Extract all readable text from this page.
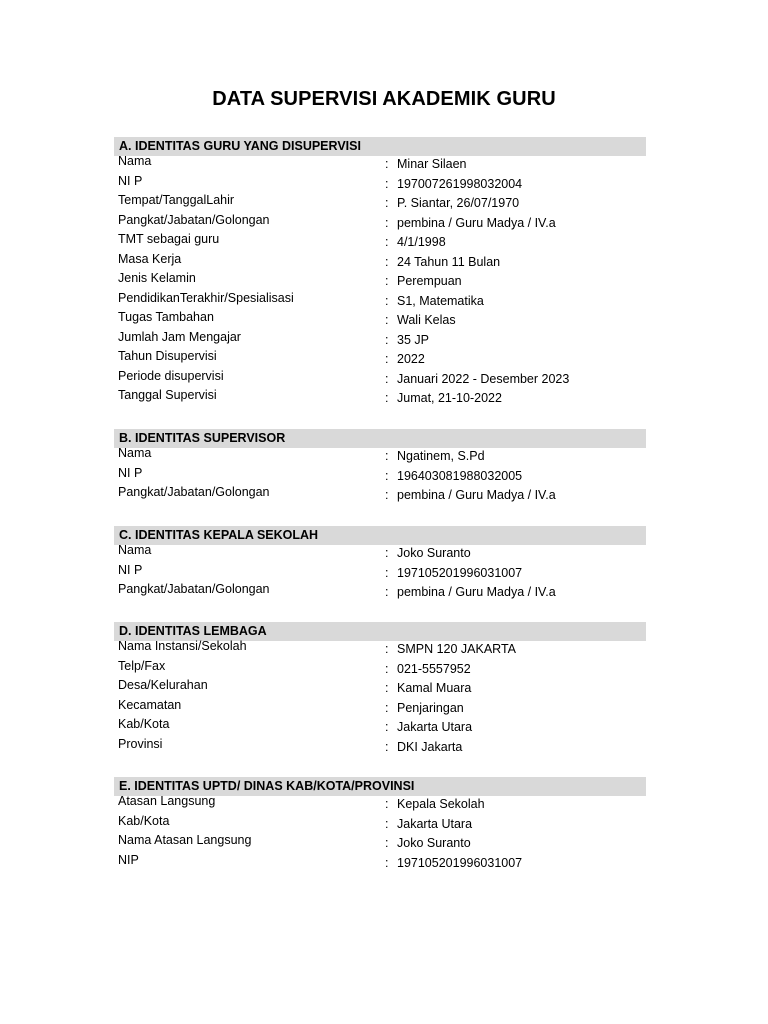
DATA SUPERVISI AKADEMIK GURU
A. IDENTITAS GURU YANG DISUPERVISI
Nama	: Minar Silaen
NI P	: 197007261998032004
Tempat/TanggalLahir	: P. Siantar, 26/07/1970
Pangkat/Jabatan/Golongan	: pembina / Guru Madya / IV.a
TMT sebagai guru	: 4/1/1998
Masa Kerja	: 24 Tahun 11 Bulan
Jenis Kelamin	: Perempuan
PendidikanTerakhir/Spesialisasi	: S1, Matematika
Tugas Tambahan	: Wali Kelas
Jumlah Jam Mengajar	: 35 JP
Tahun Disupervisi	: 2022
Periode disupervisi	: Januari 2022 - Desember 2023
Tanggal Supervisi	: Jumat, 21-10-2022
B. IDENTITAS SUPERVISOR
Nama	: Ngatinem, S.Pd
NI P	: 196403081988032005
Pangkat/Jabatan/Golongan	: pembina / Guru Madya / IV.a
C. IDENTITAS KEPALA SEKOLAH
Nama	: Joko Suranto
NI P	: 197105201996031007
Pangkat/Jabatan/Golongan	: pembina / Guru Madya / IV.a
D. IDENTITAS LEMBAGA
Nama Instansi/Sekolah	: SMPN 120 JAKARTA
Telp/Fax	: 021-5557952
Desa/Kelurahan	: Kamal Muara
Kecamatan	: Penjaringan
Kab/Kota	: Jakarta Utara
Provinsi	: DKI Jakarta
E. IDENTITAS UPTD/ DINAS KAB/KOTA/PROVINSI
Atasan Langsung	: Kepala Sekolah
Kab/Kota	: Jakarta Utara
Nama Atasan Langsung	: Joko Suranto
NIP	: 197105201996031007
